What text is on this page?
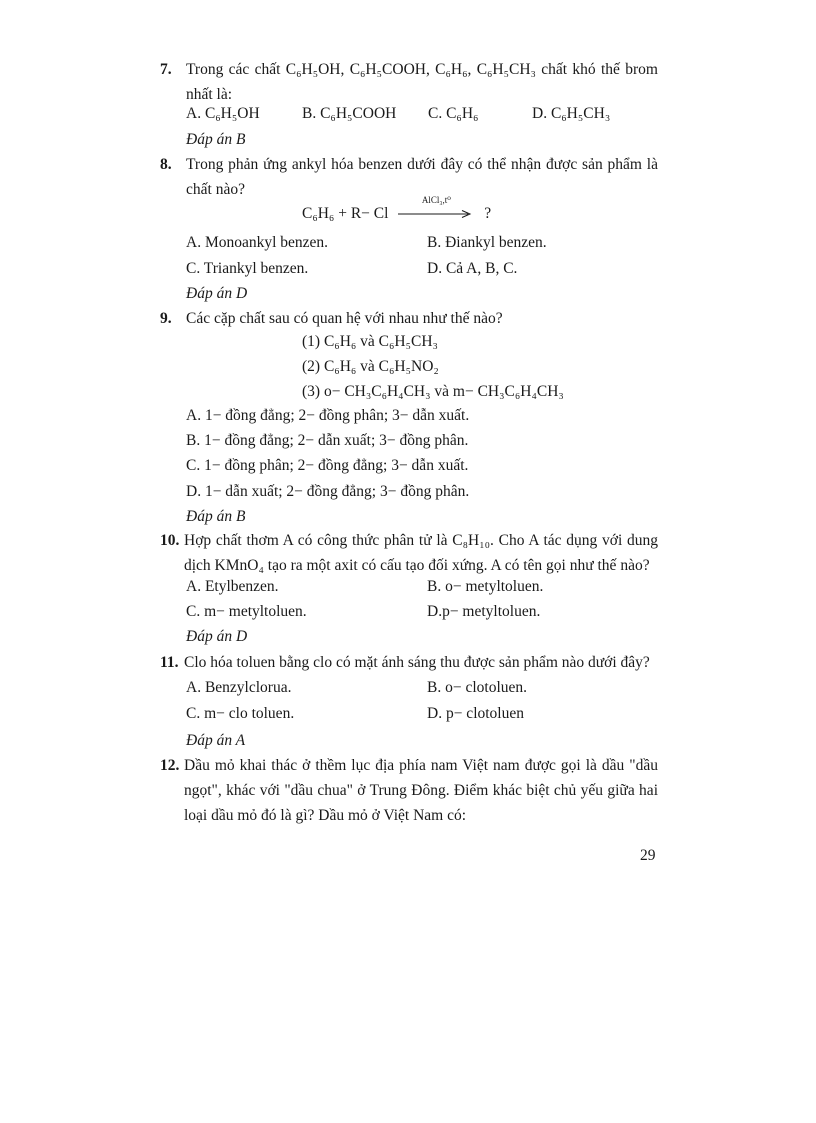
7. Trong các chất C₆H₅OH, C₆H₅COOH, C₆H₆, C₆H₅CH₃ chất khó thế brom nhất là:
A. C₆H₅OH	B. C₆H₅COOH C. C₆H₆	D. C₆H₅CH₃
Đáp án B
8. Trong phản ứng ankyl hóa benzen dưới đây có thể nhận được sản phẩm là chất nào?
C₆H₆ + R− Cl
AlCl₃,t⁰
?
A. Monoankyl benzen.	B. Điankyl benzen.
C. Triankyl benzen.	D. Cả A, B, C.
Đáp án D
9. Các cặp chất sau có quan hệ với nhau như thế nào?
(1) C₆H₆ và C₆H₅CH₃
(2) C₆H₆ và C₆H₅NO₂
(3) o− CH₃C₆H₄CH₃ và m− CH₃C₆H₄CH₃
A. 1− đồng đẳng; 2− đồng phân; 3− dẫn xuất.
B. 1− đồng đẳng; 2− dẫn xuất; 3− đồng phân.
C. 1− đồng phân; 2− đồng đẳng; 3− dẫn xuất.
D. 1− dẫn xuất; 2− đồng đẳng; 3− đồng phân.
Đáp án B
10. Hợp chất thơm A có công thức phân tử là C₈H₁₀. Cho A tác dụng với dung dịch KMnO₄ tạo ra một axit có cấu tạo đối xứng. A có tên gọi như thế nào?
A. Etylbenzen.	B. o− metyltoluen.
C. m− metyltoluen.	D.p− metyltoluen.
Đáp án D
11. Clo hóa toluen bằng clo có mặt ánh sáng thu được sản phẩm nào dưới đây?
A. Benzylclorua.	B. o− clotoluen.
C. m− clo toluen.	D. p− clotoluen
Đáp án A
12. Dầu mỏ khai thác ở thềm lục địa phía nam Việt nam được gọi là dầu "dầu ngọt", khác với "dầu chua" ở Trung Đông. Điểm khác biệt chủ yếu giữa hai loại dầu mỏ đó là gì? Dầu mỏ ở Việt Nam có:
29
